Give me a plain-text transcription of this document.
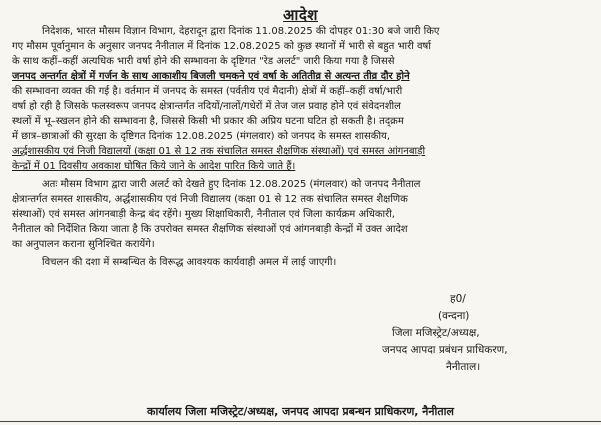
आदेश
निदेशक, भारत मौसम विज्ञान विभाग, देहरादून द्वारा दिनांक 11.08.2025 की दोपहर 01:30 बजे जारी किए
गए मौसम पूर्वानुमान के अनुसार जनपद नैनीताल में दिनांक 12.08.2025 को कुछ स्थानों में भारी से बहुत भारी वर्षा
के साथ कहीं–कहीं अत्यधिक भारी वर्षा होने की सम्भावना के दृष्टिगत "रेड अलर्ट" जारी किया गया है जिससे
जनपद अन्तर्गत क्षेत्रों में गर्जन के साथ आकाशीय बिजली चमकने एवं वर्षा के अतितीव्र से अत्यन्त तीव्र दौर होने
की सम्भावना व्यक्त की गई है। वर्तमान में जनपद के समस्त (पर्वतीय एवं मैदानी) क्षेत्रों में कहीं–कहीं वर्षा/भारी
वर्षा हो रही है जिसके फलस्वरूप जनपद क्षेत्रान्तर्गत नदियों/नालों/गधेरों में तेज जल प्रवाह होने एवं संवेदनशील
स्थलों में भू–स्खलन होने की सम्भावना है, जिससे किसी भी प्रकार की अप्रिय घटना घटित हो सकती है। तद्क्रम
में छात्र–छात्राओं की सुरक्षा के दृष्टिगत दिनांक 12.08.2025 (मंगलवार) को जनपद के समस्त शासकीय,
अर्द्धशासकीय एवं निजी विद्यालयों (कक्षा 01 से 12 तक संचालित समस्त शैक्षणिक संस्थाओं) एवं समस्त आंगनबाड़ी
केन्द्रों में 01 दिवसीय अवकाश घोषित किये जाने के आदेश पारित किये जाते हैं।
अतः मौसम विभाग द्वारा जारी अलर्ट को देखते हुए दिनांक 12.08.2025 (मंगलवार) को जनपद नैनीताल
क्षेत्रान्तर्गत समस्त शासकीय, अर्द्धशासकीय एवं निजी विद्यालय (कक्षा 01 से 12 तक संचालित समस्त शैक्षणिक
संस्थाओं) एवं समस्त आंगनबाड़ी केन्द्र बंद रहेंगे। मुख्य शिक्षाधिकारी, नैनीताल एवं जिला कार्यक्रम अधिकारी,
नैनीताल को निर्देशित किया जाता है कि उपरोक्त समस्त शैक्षणिक संस्थाओं एवं आंगनबाड़ी केन्द्रों में उक्त आदेश
का अनुपालन कराना सुनिश्चित करायेंगे।
विचलन की दशा में सम्बन्धित के विरूद्ध आवश्यक कार्यवाही अमल में लाई जाएगी।
ह0/
(वन्दना)
जिला मजिस्ट्रेट/अध्यक्ष,
जनपद आपदा प्रबंधन प्राधिकरण,
नैनीताल।
कार्यालय जिला मजिस्ट्रेट/अध्यक्ष, जनपद आपदा प्रबन्धन प्राधिकरण, नैनीताल
